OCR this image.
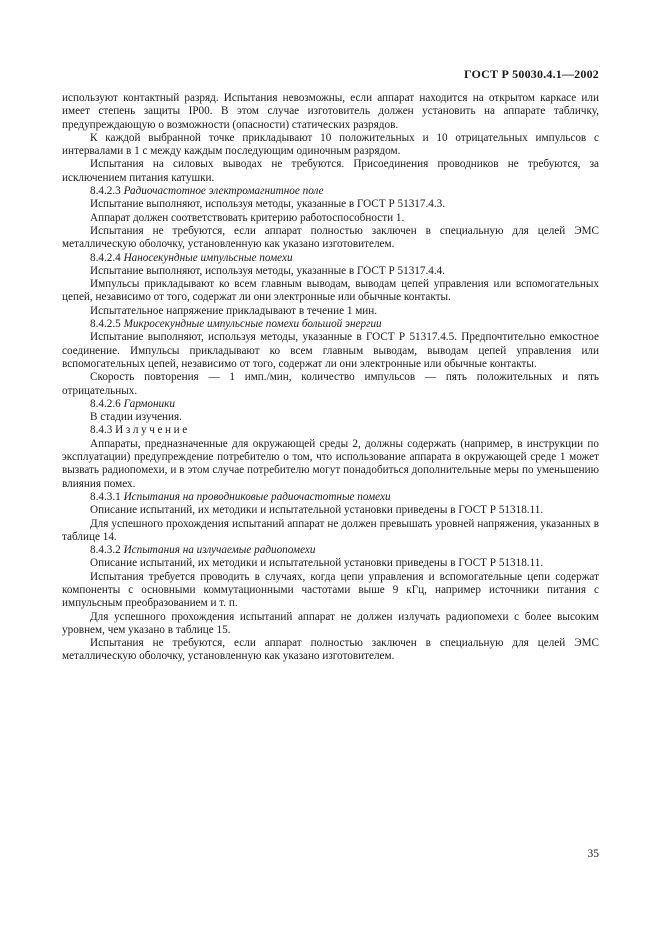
ГОСТ Р 50030.4.1—2002

используют контактный разряд. Испытания невозможны, если аппарат находится на открытом каркасе или имеет степень защиты IP00. В этом случае изготовитель должен установить на аппарате табличку, предупреждающую о возможности (опасности) статических разрядов.

К каждой выбранной точке прикладывают 10 положительных и 10 отрицательных импульсов с интервалами в 1 с между каждым последующим одиночным разрядом.

Испытания на силовых выводах не требуются. Присоединения проводников не требуются, за исключением питания катушки.

8.4.2.3 Радиочастотное электромагнитное поле

Испытание выполняют, используя методы, указанные в ГОСТ Р 51317.4.3.

Аппарат должен соответствовать критерию работоспособности 1.

Испытания не требуются, если аппарат полностью заключен в специальную для целей ЭМС металлическую оболочку, установленную как указано изготовителем.

8.4.2.4 Наносекундные импульсные помехи

Испытание выполняют, используя методы, указанные в ГОСТ Р 51317.4.4.

Импульсы прикладывают ко всем главным выводам, выводам цепей управления или вспомогательных цепей, независимо от того, содержат ли они электронные или обычные контакты.

Испытательное напряжение прикладывают в течение 1 мин.

8.4.2.5 Микросекундные импульсные помехи большой энергии

Испытание выполняют, используя методы, указанные в ГОСТ Р 51317.4.5. Предпочтительно емкостное соединение. Импульсы прикладывают ко всем главным выводам, выводам цепей управления или вспомогательных цепей, независимо от того, содержат ли они электронные или обычные контакты.

Скорость повторения — 1 имп./мин, количество импульсов — пять положительных и пять отрицательных.

8.4.2.6 Гармоники

В стадии изучения.

8.4.3 Излучение

Аппараты, предназначенные для окружающей среды 2, должны содержать (например, в инструкции по эксплуатации) предупреждение потребителю о том, что использование аппарата в окружающей среде 1 может вызвать радиопомехи, и в этом случае потребителю могут понадобиться дополнительные меры по уменьшению влияния помех.

8.4.3.1 Испытания на проводниковые радиочастотные помехи

Описание испытаний, их методики и испытательной установки приведены в ГОСТ Р 51318.11.

Для успешного прохождения испытаний аппарат не должен превышать уровней напряжения, указанных в таблице 14.

8.4.3.2 Испытания на излучаемые радиопомехи

Описание испытаний, их методики и испытательной установки приведены в ГОСТ Р 51318.11.

Испытания требуется проводить в случаях, когда цепи управления и вспомогательные цепи содержат компоненты с основными коммутационными частотами выше 9 кГц, например источники питания с импульсным преобразованием и т. п.

Для успешного прохождения испытаний аппарат не должен излучать радиопомехи с более высоким уровнем, чем указано в таблице 15.

Испытания не требуются, если аппарат полностью заключен в специальную для целей ЭМС металлическую оболочку, установленную как указано изготовителем.

35
